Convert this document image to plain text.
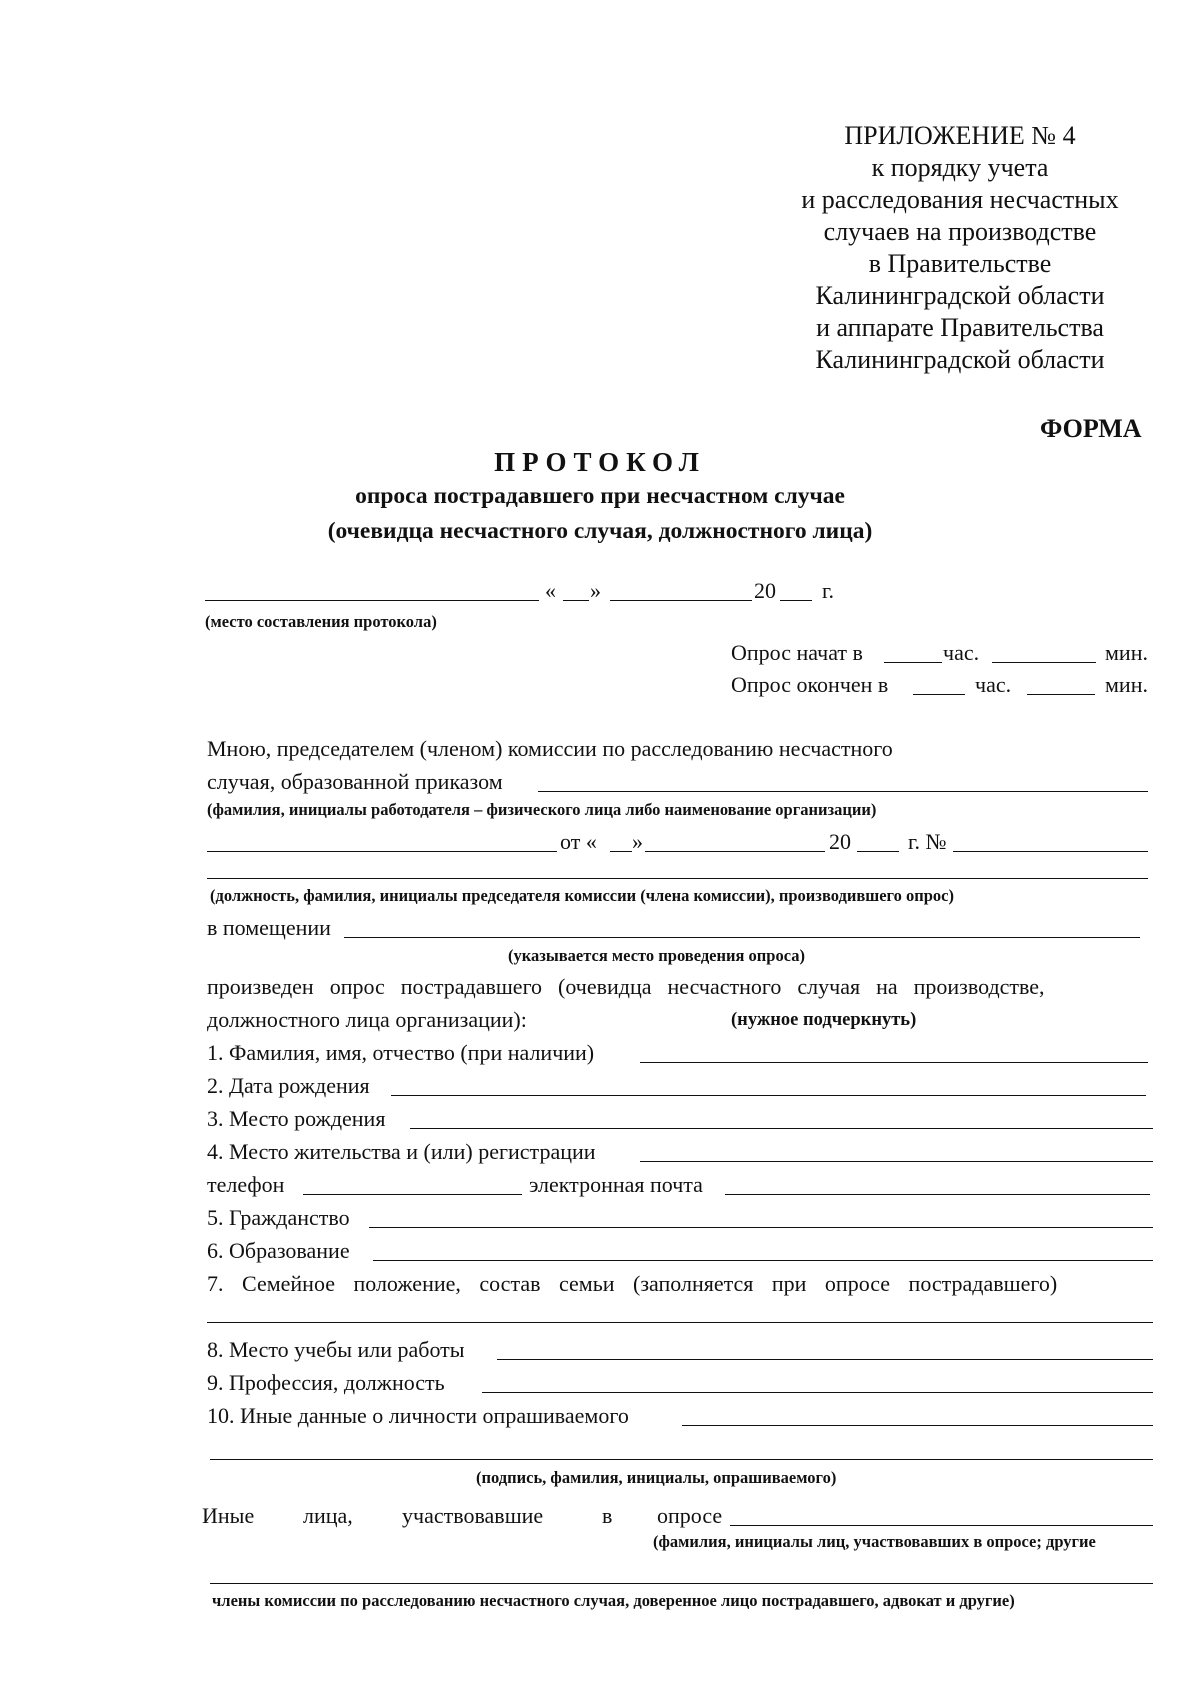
ПРИЛОЖЕНИЕ № 4
к порядку учета
и расследования несчастных
случаев на производстве
в Правительстве
Калининградской области
и аппарате Правительства
Калининградской области
ФОРМА
ПРОТОКОЛ
опроса пострадавшего при несчастном случае
(очевидца несчастного случая, должностного лица)
« »	20 г.
(место составления протокола)
Опрос начат в	час.	мин.
Опрос окончен в	час.	мин.
Мною, председателем (членом) комиссии по расследованию несчастного
случая, образованной приказом
(фамилия, инициалы работодателя – физического лица либо наименование организации)
от « »	20	г. №
(должность, фамилия, инициалы председателя комиссии (члена комиссии), производившего опрос)
в помещении
(указывается место проведения опроса)
произведен опрос пострадавшего (очевидца несчастного случая на производстве,
должностного лица организации):	(нужное подчеркнуть)
1. Фамилия, имя, отчество (при наличии)
2. Дата рождения
3. Место рождения
4. Место жительства и (или) регистрации
телефон	электронная почта
5. Гражданство
6. Образование
7. Семейное положение, состав семьи (заполняется при опросе пострадавшего)
8. Место учебы или работы
9. Профессия, должность
10. Иные данные о личности опрашиваемого
(подпись, фамилия, инициалы, опрашиваемого)
Иные лица, участвовавшие	в опросе
(фамилия, инициалы лиц, участвовавших в опросе; другие
члены комиссии по расследованию несчастного случая, доверенное лицо пострадавшего, адвокат и другие)
